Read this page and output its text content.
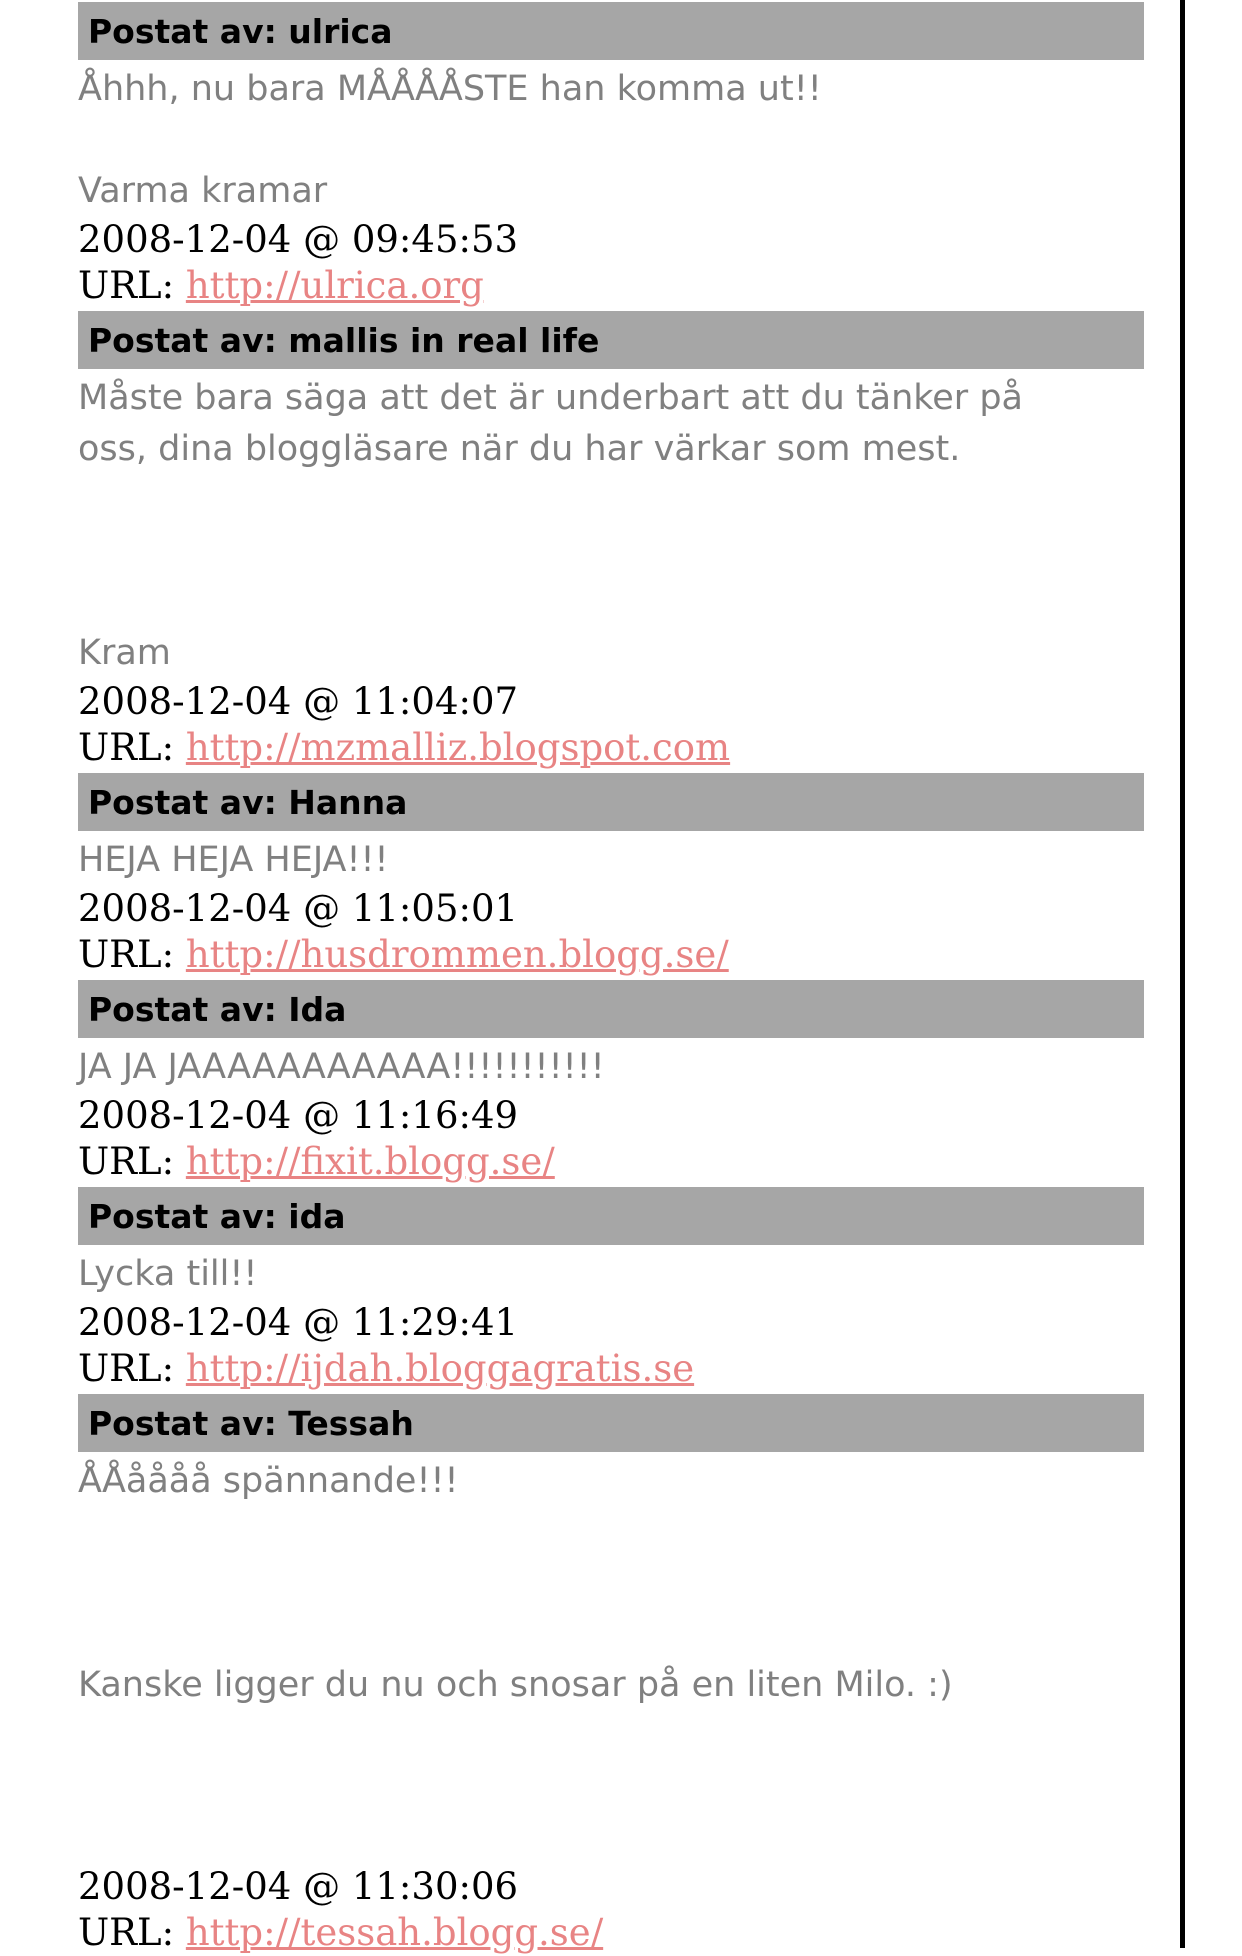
Postat av: ulrica
Åhhh, nu bara MÅÅÅÅSTE han komma ut!!

Varma kramar
2008-12-04 @ 09:45:53
URL: http://ulrica.org
Postat av: mallis in real life
Måste bara säga att det är underbart att du tänker på oss, dina bloggläsare när du har värkar som mest.

Kram
2008-12-04 @ 11:04:07
URL: http://mzmalliz.blogspot.com
Postat av: Hanna
HEJA HEJA HEJA!!!
2008-12-04 @ 11:05:01
URL: http://husdrommen.blogg.se/
Postat av: Ida
JA JA JAAAAAAAAAAA!!!!!!!!!!!
2008-12-04 @ 11:16:49
URL: http://fixit.blogg.se/
Postat av: ida
Lycka till!!
2008-12-04 @ 11:29:41
URL: http://ijdah.bloggagratis.se
Postat av: Tessah
ÅÅåååå spännande!!!

Kanske ligger du nu och snosar på en liten Milo. :)

2008-12-04 @ 11:30:06
URL: http://tessah.blogg.se/
